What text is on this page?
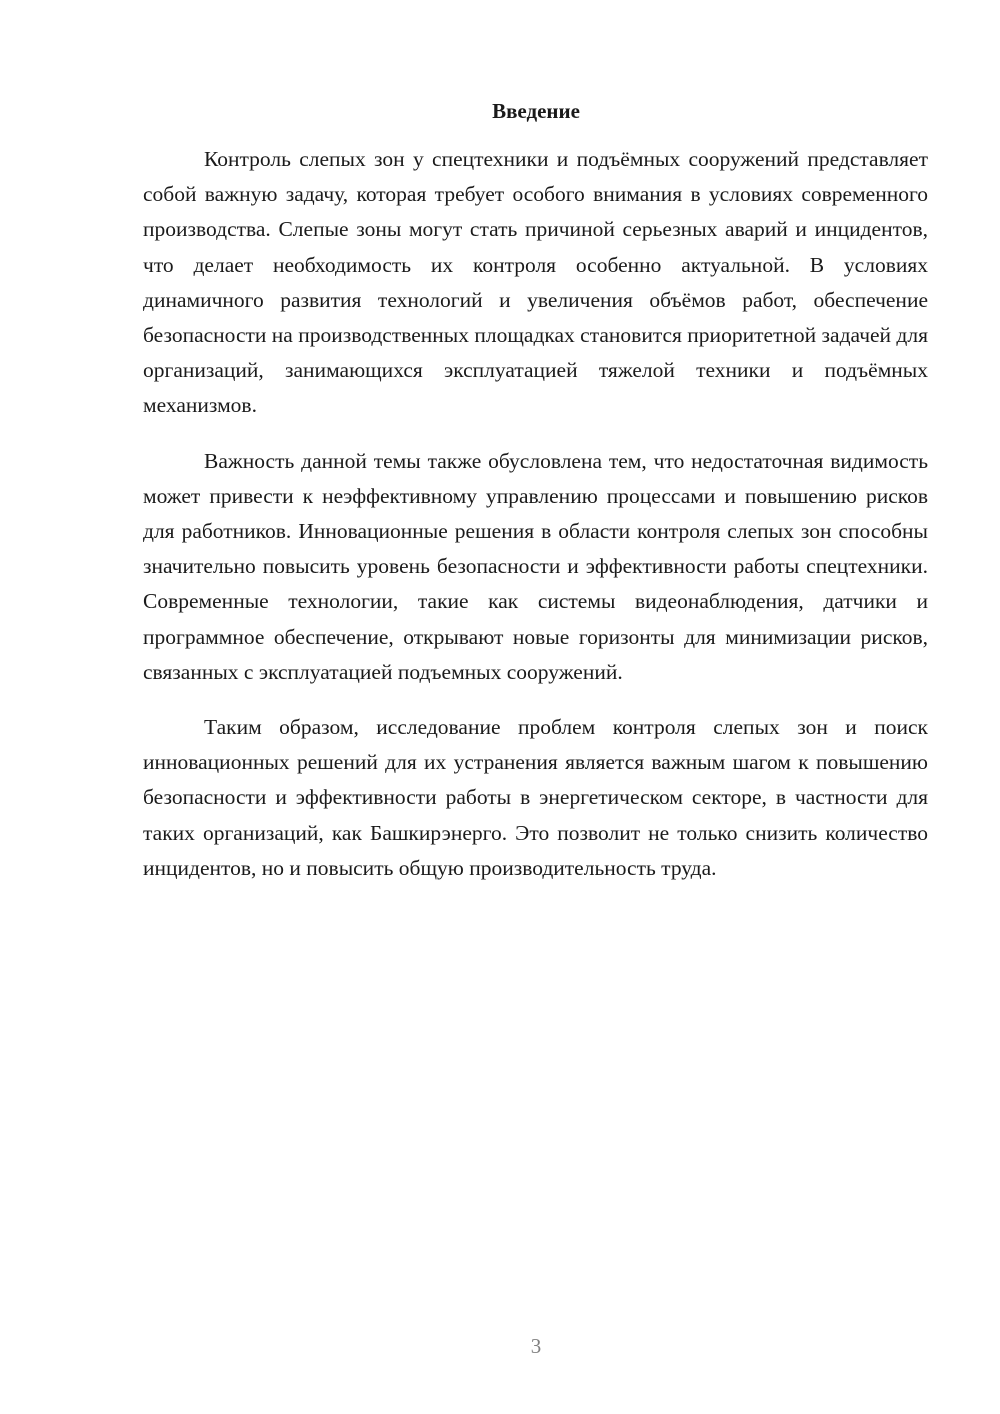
Введение

Контроль слепых зон у спецтехники и подъёмных сооружений представляет собой важную задачу, которая требует особого внимания в условиях современного производства. Слепые зоны могут стать причиной серьезных аварий и инцидентов, что делает необходимость их контроля особенно актуальной. В условиях динамичного развития технологий и увеличения объёмов работ, обеспечение безопасности на производственных площадках становится приоритетной задачей для организаций, занимающихся эксплуатацией тяжелой техники и подъёмных механизмов.

Важность данной темы также обусловлена тем, что недостаточная видимость может привести к неэффективному управлению процессами и повышению рисков для работников. Инновационные решения в области контроля слепых зон способны значительно повысить уровень безопасности и эффективности работы спецтехники. Современные технологии, такие как системы видеонаблюдения, датчики и программное обеспечение, открывают новые горизонты для минимизации рисков, связанных с эксплуатацией подъемных сооружений.

Таким образом, исследование проблем контроля слепых зон и поиск инновационных решений для их устранения является важным шагом к повышению безопасности и эффективности работы в энергетическом секторе, в частности для таких организаций, как Башкирэнерго. Это позволит не только снизить количество инцидентов, но и повысить общую производительность труда.

3
